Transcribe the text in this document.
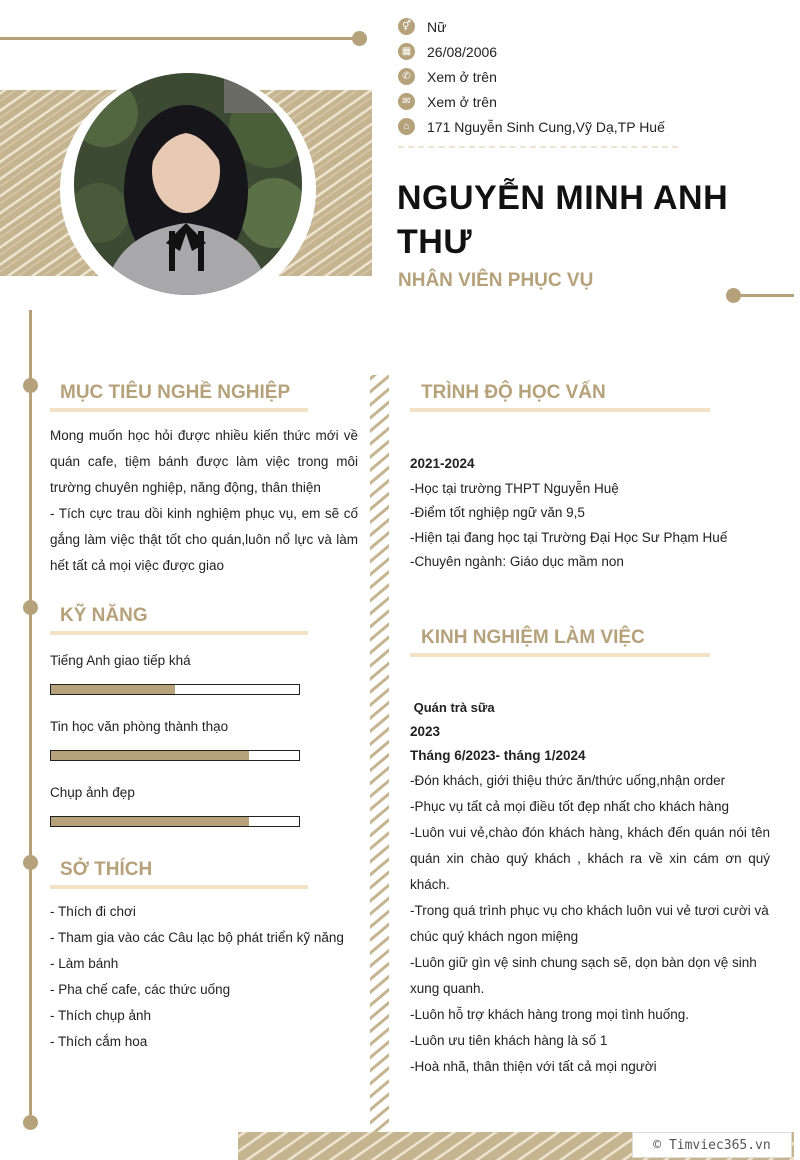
⚥ Nữ
▦ 26/08/2006
✆	Xem ở trên
✉	Xem ở trên
⌂	171 Nguyễn Sinh Cung,Vỹ Dạ,TP Huế
NGUYỄN MINH ANH
THƯ
NHÂN VIÊN PHỤC VỤ
MỤC TIÊU NGHỀ NGHIỆP
Mong muốn học hỏi được nhiều kiến thức mới về quán cafe, tiệm bánh được làm việc trong môi trường chuyên nghiệp, năng động, thân thiện
- Tích cực trau dồi kinh nghiệm phục vụ, em sẽ cố gắng làm việc thật tốt cho quán,luôn nổ lực và làm hết tất cả mọi việc được giao
KỸ NĂNG
Tiếng Anh giao tiếp khá
Tin học văn phòng thành thạo
Chụp ảnh đẹp
SỞ THÍCH
- Thích đi chơi
- Tham gia vào các Câu lạc bộ phát triển kỹ năng
- Làm bánh
- Pha chế cafe, các thức uống
- Thích chụp ảnh
- Thích cắm hoa
TRÌNH ĐỘ HỌC VẤN
2021-2024
-Học tại trường THPT Nguyễn Huệ
-Điểm tốt nghiệp ngữ văn 9,5
-Hiện tại đang học tại Trường Đại Học Sư Phạm Huế
-Chuyên ngành: Giáo dục mầm non
KINH NGHIỆM LÀM VIỆC
Quán trà sữa
2023
Tháng 6/2023- tháng 1/2024
-Đón khách, giới thiệu thức ăn/thức uống,nhận order
-Phục vụ tất cả mọi điều tốt đẹp nhất cho khách hàng
-Luôn vui vẻ,chào đón khách hàng, khách đến quán nói tên quán xin chào quý khách , khách ra về xin cám ơn quý khách.
-Trong quá trình phục vụ cho khách luôn vui vẻ tươi cười và chúc quý khách ngon miệng
-Luôn giữ gìn vệ sinh chung sạch sẽ, dọn bàn dọn vệ sinh xung quanh.
-Luôn hỗ trợ khách hàng trong mọi tình huống.
-Luôn ưu tiên khách hàng là số 1
-Hoà nhã, thân thiện với tất cả mọi người
© Timviec365.vn
